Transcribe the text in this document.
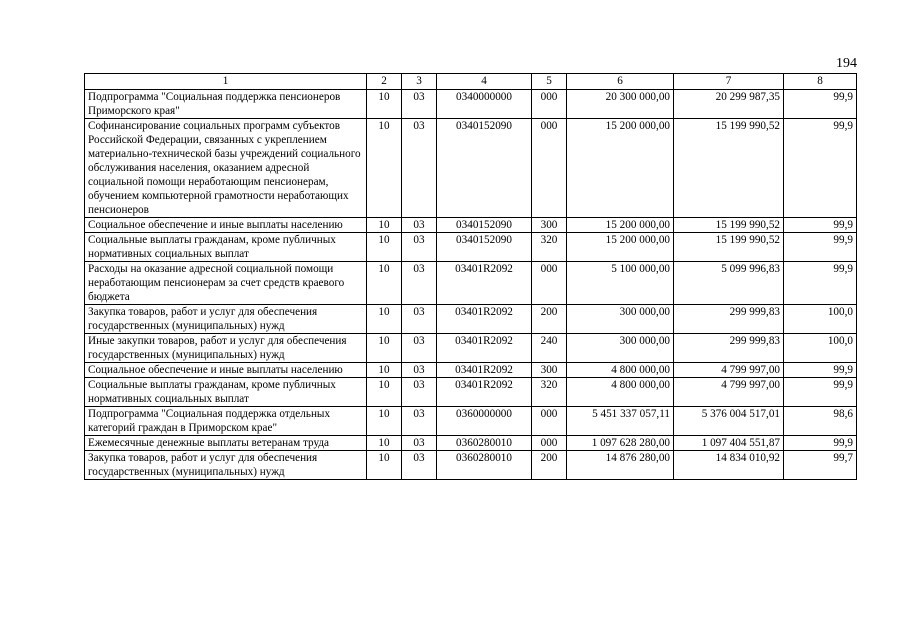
194
1	2	3	4	5	6	7	8
Подпрограмма "Социальная поддержка пенсионеров Приморского края"	10	03	0340000000	000	20 300 000,00	20 299 987,35	99,9
Софинансирование социальных программ субъектов Российской Федерации, связанных с укреплением материально-технической базы учреждений социального обслуживания населения, оказанием адресной социальной помощи неработающим пенсионерам, обучением компьютерной грамотности неработающих пенсионеров	10	03	0340152090	000	15 200 000,00	15 199 990,52	99,9
Социальное обеспечение и иные выплаты населению	10	03	0340152090	300	15 200 000,00	15 199 990,52	99,9
Социальные выплаты гражданам, кроме публичных нормативных социальных выплат	10	03	0340152090	320	15 200 000,00	15 199 990,52	99,9
Расходы на оказание адресной социальной помощи неработающим пенсионерам за счет средств краевого бюджета	10	03	03401R2092	000	5 100 000,00	5 099 996,83	99,9
Закупка товаров, работ и услуг для обеспечения государственных (муниципальных) нужд	10	03	03401R2092	200	300 000,00	299 999,83	100,0
Иные закупки товаров, работ и услуг для обеспечения государственных (муниципальных) нужд	10	03	03401R2092	240	300 000,00	299 999,83	100,0
Социальное обеспечение и иные выплаты населению	10	03	03401R2092	300	4 800 000,00	4 799 997,00	99,9
Социальные выплаты гражданам, кроме публичных нормативных социальных выплат	10	03	03401R2092	320	4 800 000,00	4 799 997,00	99,9
Подпрограмма "Социальная поддержка отдельных категорий граждан в Приморском крае"	10	03	0360000000	000	5 451 337 057,11	5 376 004 517,01	98,6
Ежемесячные денежные выплаты ветеранам труда	10	03	0360280010	000	1 097 628 280,00	1 097 404 551,87	99,9
Закупка товаров, работ и услуг для обеспечения государственных (муниципальных) нужд	10	03	0360280010	200	14 876 280,00	14 834 010,92	99,7
